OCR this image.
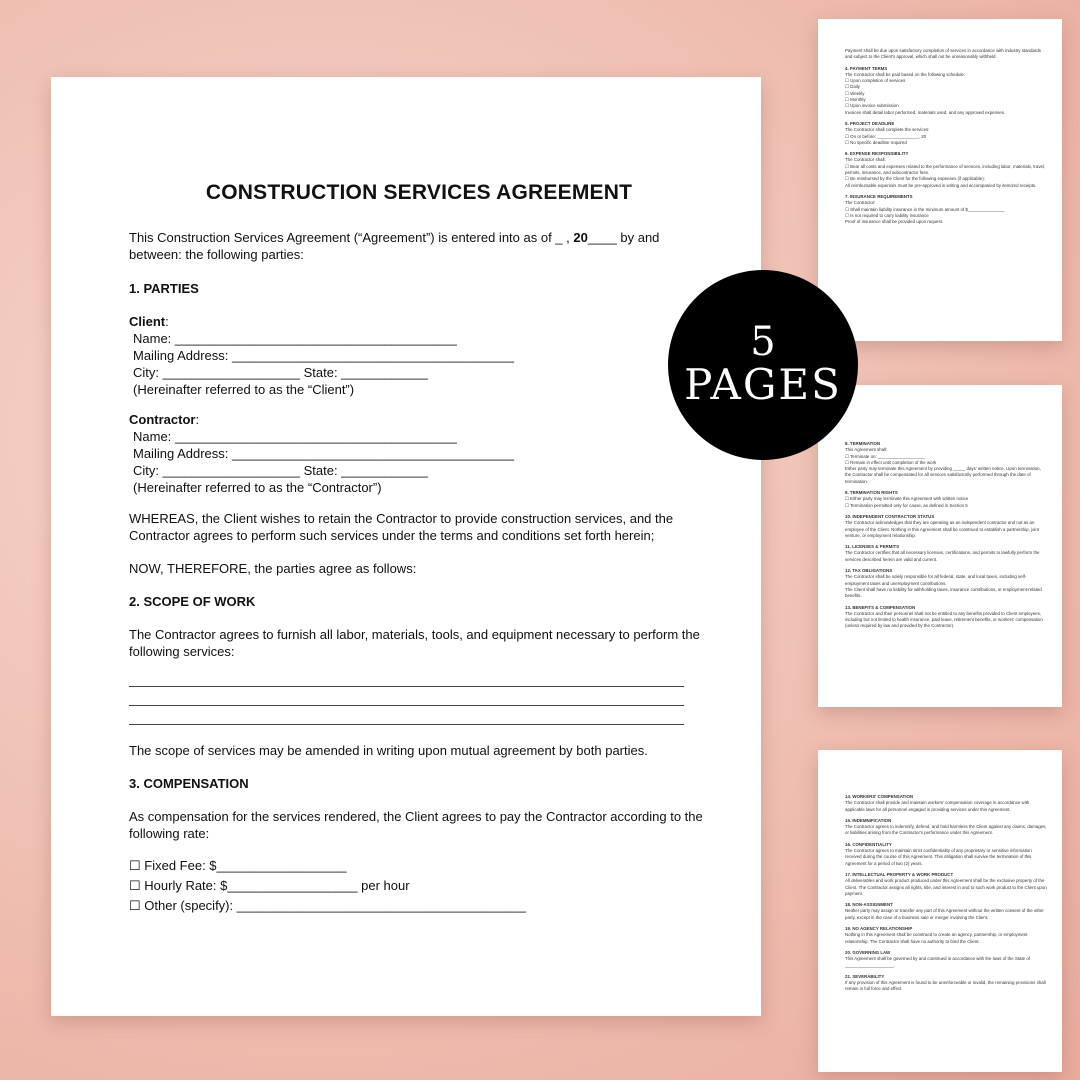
CONSTRUCTION SERVICES AGREEMENT

This Construction Services Agreement (“Agreement”) is entered into as of _ , 20____ by and between: the following parties:

1. PARTIES

Client:

Name: _______________________________________
Mailing Address: _______________________________________
City: ___________________ State: ____________
(Hereinafter referred to as the “Client”)

Contractor:

Name: _______________________________________
Mailing Address: _______________________________________
City: ___________________ State: ____________
(Hereinafter referred to as the “Contractor”)

WHEREAS, the Client wishes to retain the Contractor to provide construction services, and the Contractor agrees to perform such services under the terms and conditions set forth herein;

NOW, THEREFORE, the parties agree as follows:

2. SCOPE OF WORK

The Contractor agrees to furnish all labor, materials, tools, and equipment necessary to perform the following services:

The scope of services may be amended in writing upon mutual agreement by both parties.

3. COMPENSATION

As compensation for the services rendered, the Client agrees to pay the Contractor according to the following rate:

☐ Fixed Fee: $__________________
☐ Hourly Rate: $__________________ per hour
☐ Other (specify): ________________________________________
Payment shall be due upon satisfactory completion of services in accordance with industry standards and subject to the Client's approval, which shall not be unreasonably withheld.
4. PAYMENT TERMS
The Contractor shall be paid based on the following schedule:
☐ Upon completion of services
☐ Daily
☐ Weekly
☐ Monthly
☐ Upon invoice submission
Invoices shall detail labor performed, materials used, and any approved expenses.
5. PROJECT DEADLINE
The Contractor shall complete the services:
☐ On or before: _________________, 20
☐ No specific deadline required
6. EXPENSE RESPONSIBILITY
The Contractor shall:
☐ Bear all costs and expenses related to the performance of services, including labor, materials, travel, permits, insurance, and subcontractor fees.
☐ Be reimbursed by the Client for the following expenses (if applicable):
All reimbursable expenses must be pre-approved in writing and accompanied by itemized receipts.
7. INSURANCE REQUIREMENTS
The Contractor:
☐ Shall maintain liability insurance in the minimum amount of $_______________
☐ Is not required to carry liability insurance
Proof of insurance shall be provided upon request.
8. TERMINATION
This Agreement shall:
☐ Terminate on: ___________________
☐ Remain in effect until completion of the work
Either party may terminate this Agreement by providing _____ days' written notice. Upon termination, the Contractor shall be compensated for all services satisfactorily performed through the date of termination.
9. TERMINATION RIGHTS
☐ Either party may terminate this Agreement with written notice
☐ Termination permitted only for cause, as defined in Section 5
10. INDEPENDENT CONTRACTOR STATUS
The Contractor acknowledges that they are operating as an independent contractor and not as an employee of the Client. Nothing in this Agreement shall be construed to establish a partnership, joint venture, or employment relationship.
11. LICENSES & PERMITS
The Contractor certifies that all necessary licenses, certifications, and permits to lawfully perform the services described herein are valid and current.
12. TAX OBLIGATIONS
The Contractor shall be solely responsible for all federal, state, and local taxes, including self-employment taxes and unemployment contributions.
The Client shall have no liability for withholding taxes, insurance contributions, or employment-related benefits.
13. BENEFITS & COMPENSATION
The Contractor and their personnel shall not be entitled to any benefits provided to Client employees, including but not limited to health insurance, paid leave, retirement benefits, or workers' compensation (unless required by law and provided by the Contractor).
14. WORKERS' COMPENSATION
The Contractor shall provide and maintain workers' compensation coverage in accordance with applicable laws for all personnel engaged in providing services under this Agreement.
15. INDEMNIFICATION
The Contractor agrees to indemnify, defend, and hold harmless the Client against any claims, damages, or liabilities arising from the Contractor's performance under this Agreement.
16. CONFIDENTIALITY
The Contractor agrees to maintain strict confidentiality of any proprietary or sensitive information received during the course of this Agreement. This obligation shall survive the termination of this Agreement for a period of two (2) years.
17. INTELLECTUAL PROPERTY & WORK PRODUCT
All deliverables and work product produced under this Agreement shall be the exclusive property of the Client. The Contractor assigns all rights, title, and interest in and to such work product to the Client upon payment.
18. NON-ASSIGNMENT
Neither party may assign or transfer any part of this Agreement without the written consent of the other party, except in the case of a business sale or merger involving the Client.
19. NO AGENCY RELATIONSHIP
Nothing in this Agreement shall be construed to create an agency, partnership, or employment relationship. The Contractor shall have no authority to bind the Client.
20. GOVERNING LAW
This Agreement shall be governed by and construed in accordance with the laws of the State of ____________________.
21. SEVERABILITY
If any provision of this Agreement is found to be unenforceable or invalid, the remaining provisions shall remain in full force and effect.
5
PAGES
